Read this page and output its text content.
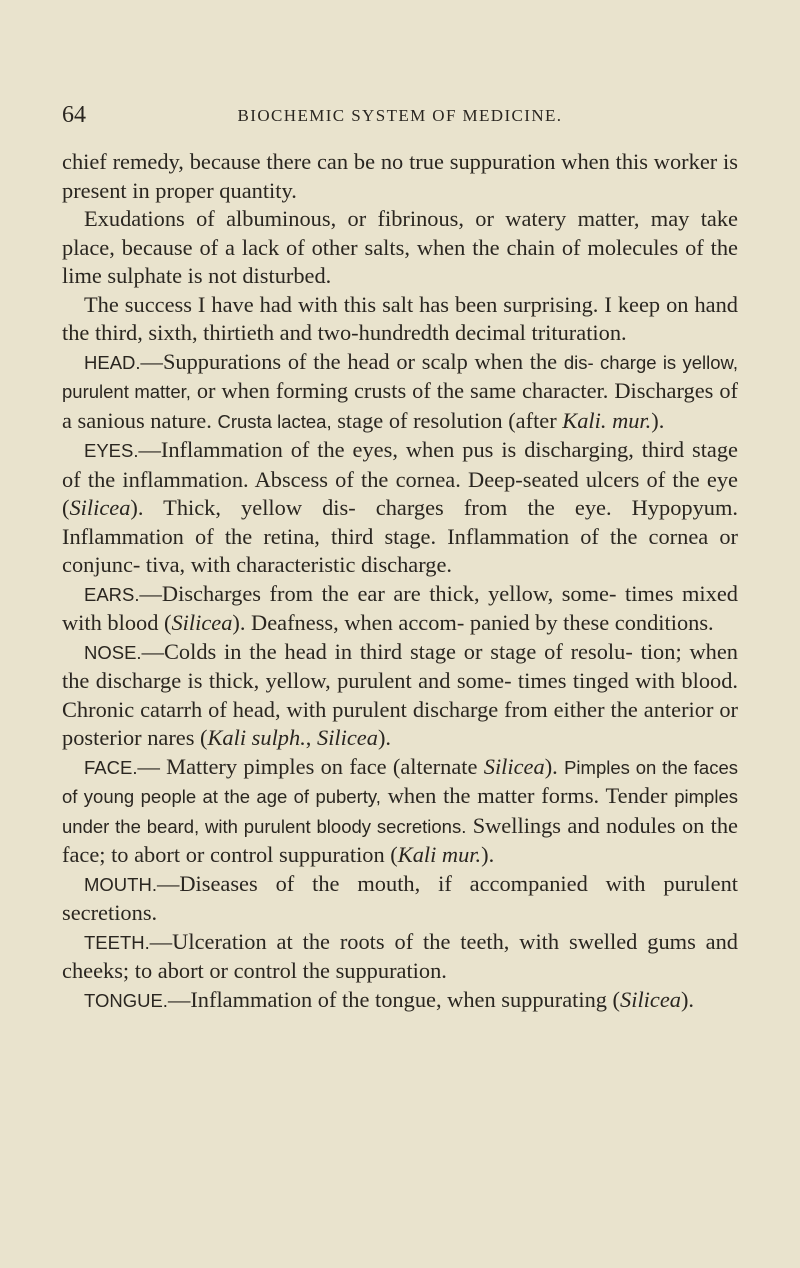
64	BIOCHEMIC SYSTEM OF MEDICINE.

chief remedy, because there can be no true suppuration when this worker is present in proper quantity.

Exudations of albuminous, or fibrinous, or watery matter, may take place, because of a lack of other salts, when the chain of molecules of the lime sulphate is not disturbed.

The success I have had with this salt has been surprising. I keep on hand the third, sixth, thirtieth and two-hundredth decimal trituration.

HEAD.—Suppurations of the head or scalp when the dis- charge is yellow, purulent matter, or when forming crusts of the same character. Discharges of a sanious nature. Crusta lactea, stage of resolution (after Kali. mur.).

EYES.—Inflammation of the eyes, when pus is discharging, third stage of the inflammation. Abscess of the cornea. Deep-seated ulcers of the eye (Silicea). Thick, yellow dis- charges from the eye. Hypopyum. Inflammation of the retina, third stage. Inflammation of the cornea or conjunc- tiva, with characteristic discharge.

EARS.—Discharges from the ear are thick, yellow, some- times mixed with blood (Silicea). Deafness, when accom- panied by these conditions.

NOSE.—Colds in the head in third stage or stage of resolu- tion; when the discharge is thick, yellow, purulent and some- times tinged with blood. Chronic catarrh of head, with purulent discharge from either the anterior or posterior nares (Kali sulph., Silicea).

FACE.— Mattery pimples on face (alternate Silicea). Pimples on the faces of young people at the age of puberty, when the matter forms. Tender pimples under the beard, with purulent bloody secretions. Swellings and nodules on the face; to abort or control suppuration (Kali mur.).

MOUTH.—Diseases of the mouth, if accompanied with purulent secretions.

TEETH.—Ulceration at the roots of the teeth, with swelled gums and cheeks; to abort or control the suppuration.

TONGUE.—Inflammation of the tongue, when suppurating (Silicea).
